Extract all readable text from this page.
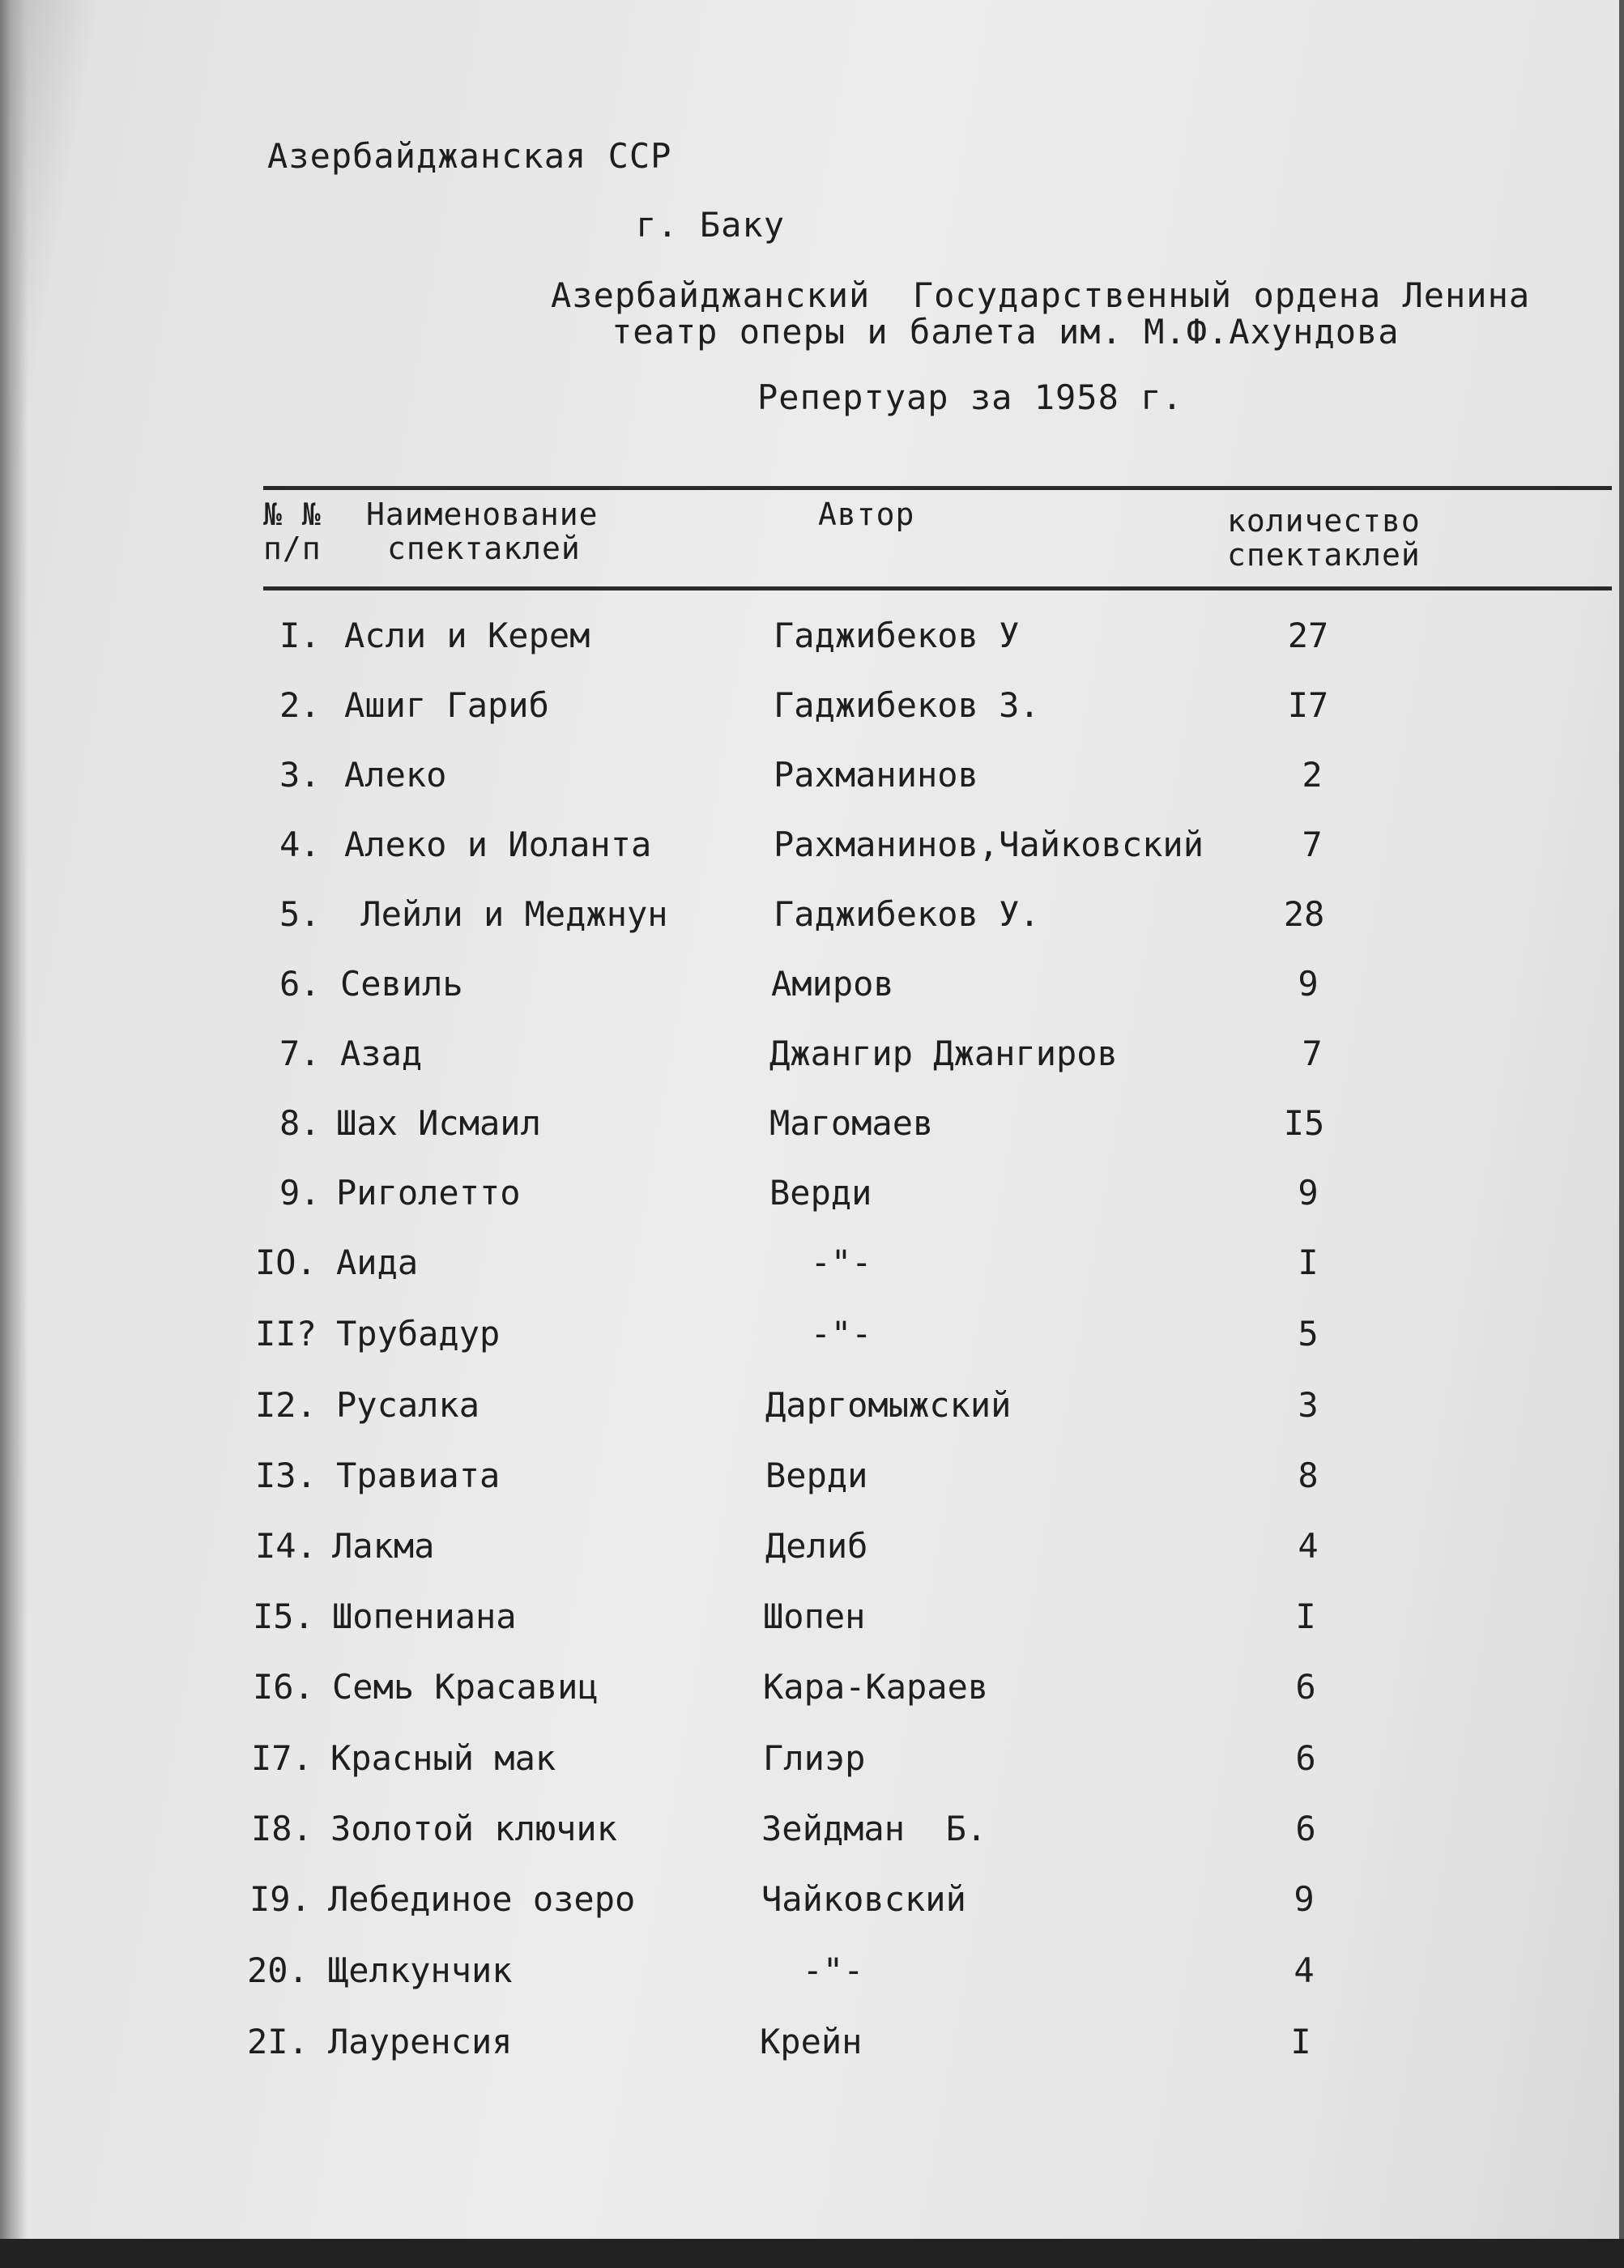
Азербайджанская ССР
г. Баку
Азербайджанский  Государственный ордена Ленина
театр оперы и балета им. М.Ф.Ахундова
Репертуар за 1958 г.
№ №
п/п
Наименование
спектаклей
Автор	количество
спектаклей
I. Асли и Керем	Гаджибеков У	27
2. Ашиг Гариб	Гаджибеков З.	I7
3. Алеко	Рахманинов	2
4. Алеко и Иоланта	Рахманинов,Чайковский	7
5. Лейли и Меджнун	Гаджибеков У.	28
6. Севиль	Амиров	9
7. Азад	Джангир Джангиров	7
8. Шах Исмаил	Магомаев	I5
9. Риголетто	Верди	9
IO. Аида	-"-	I
II? Трубадур	-"-	5
I2. Русалка	Даргомыжский	3
I3. Травиата	Верди	8
I4. Лакма	Делиб	4
I5. Шопениана	Шопен	I
I6. Семь Красавиц	Кара-Караев	6
I7. Красный мак	Глиэр	6
I8. Золотой ключик	Зейдман  Б.	6
I9. Лебединое озеро	Чайковский	9
20. Щелкунчик	-"-	4
2I. Лауренсия	Крейн	I
